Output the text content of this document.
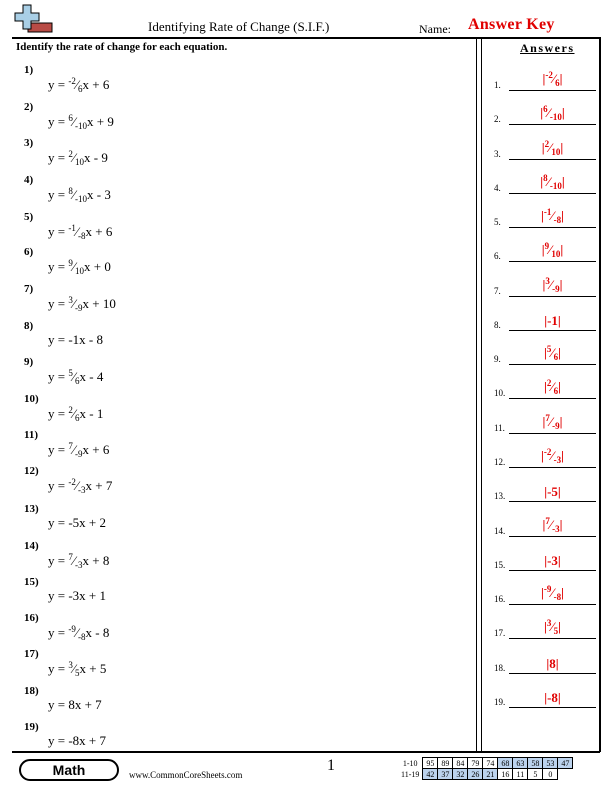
Identifying Rate of Change (S.I.F.)	Name: Answer Key
Identify the rate of change for each equation.	Answers
1)
$y = ^{-2}⁄_6x + 6$
2)
$y = ^6⁄_{-10}x + 9$
3)
$y = ^2⁄_{10}x - 9$
4)
$y = ^8⁄_{-10}x - 3$
5)
$y = ^{-1}⁄_{-8}x + 6$
6)
$y = ^9⁄_{10}x + 0$
7)
$y = ^3⁄_{-9}x + 10$
8)
y = -1x - 8
9)
$y = ^5⁄_6x - 4$
10)
$y = ^2⁄_6x - 1$
11)
$y = ^7⁄_{-9}x + 6$
12)
$y = ^{-2}⁄_{-3}x + 7$
13)
y = -5x + 2
14)
$y = ^7⁄_{-3}x + 8$
15)
y = -3x + 1
16)
$y = ^{-9}⁄_{-8}x - 8$
17)
$y = ^3⁄_5x + 5$
18)
y = 8x + 7
19)
y = -8x + 7
1.	$|^{-2}⁄_6|$
2.	$|^6⁄_{-10}|$
3.	$|^2⁄_{10}|$
4.	$|^8⁄_{-10}|$
5.	$|^{-1}⁄_{-8}|$
6.	$|^9⁄_{10}|$
7.	$|^3⁄_{-9}|$
8.	|-1|
9.	$|^5⁄_6|$
10.	$|^2⁄_6|$
11.	$|^7⁄_{-9}|$
12.	$|^{-2}⁄_{-3}|$
13.	|-5|
14.	$|^7⁄_{-3}|$
15.	|-3|
16.	$|^{-9}⁄_{-8}|$
17.	$|^3⁄_5|$
18.	|8|
19.	|-8|
Math	www.CommonCoreSheets.com
1	1-10	95	89	84	79	74	68	63	58	53	47
11-19	42	37	32	26	21	16	11	5	0	
